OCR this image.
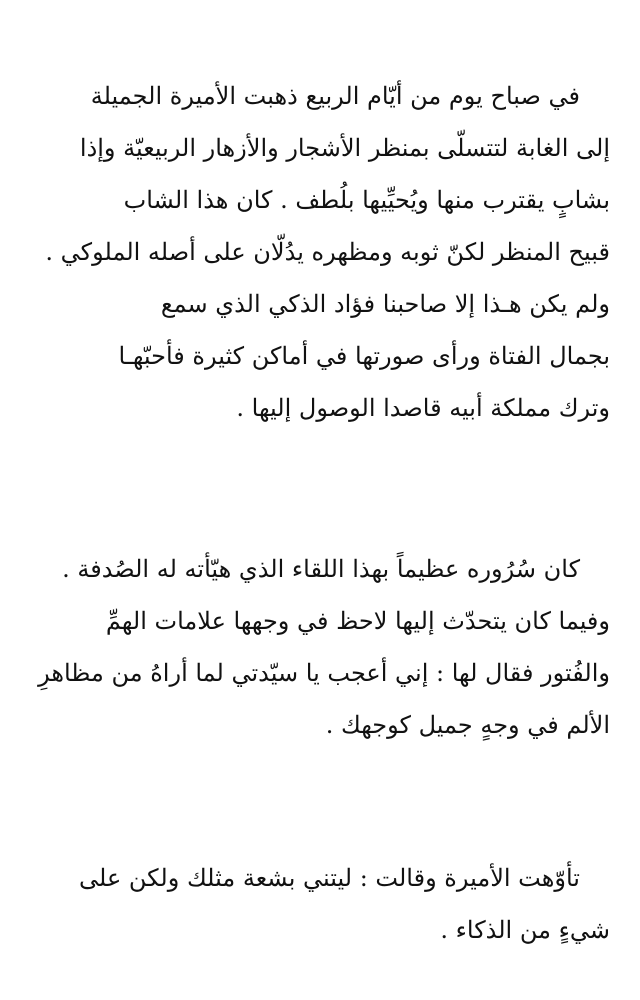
في صباح يوم من أيّام الربيع ذهبت الأميرة الجميلة
إلى الغابة لتتسلّى بمنظر الأشجار والأزهار الربيعيّة وإذا
بشابٍ يقترب منها ويُحيِّيها بلُطف . كان هذا الشاب
قبيح المنظر لكنّ ثوبه ومظهره يدُلّان على أصله الملوكي .
ولم يكن هـذا إلا صاحبنا فؤاد الذكي الذي سمع
بجمال الفتاة ورأى صورتها في أماكن كثيرة فأحبّهـا
وترك مملكة أبيه قاصدا الوصول إليها .
كان سُرُوره عظيماً بهذا اللقاء الذي هيّأته له الصُدفة .
وفيما كان يتحدّث إليها لاحظ في وجهها علامات الهمِّ
والفُتور فقال لها : إني أعجب يا سيّدتي لما أراهُ من مظاهرِ
الألم في وجهٍ جميل كوجهك .
تأوّهت الأميرة وقالت : ليتني بشعة مثلك ولكن على
شيءٍ من الذكاء .
